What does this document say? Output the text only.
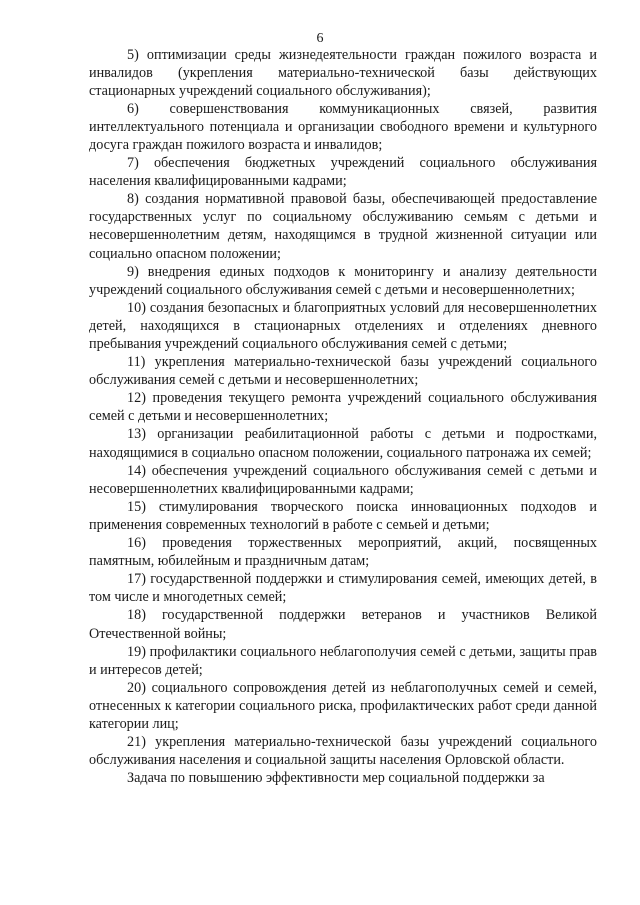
6

5) оптимизации среды жизнедеятельности граждан пожилого возраста и инвалидов (укрепления материально-технической базы действующих стационарных учреждений социального обслуживания);

6) совершенствования коммуникационных связей, развития интеллектуального потенциала и организации свободного времени и культурного досуга граждан пожилого возраста и инвалидов;

7) обеспечения бюджетных учреждений социального обслуживания населения квалифицированными кадрами;

8) создания нормативной правовой базы, обеспечивающей предоставление государственных услуг по социальному обслуживанию семьям с детьми и несовершеннолетним детям, находящимся в трудной жизненной ситуации или социально опасном положении;

9) внедрения единых подходов к мониторингу и анализу деятельности учреждений социального обслуживания семей с детьми и несовершеннолетних;

10) создания безопасных и благоприятных условий для несовершеннолетних детей, находящихся в стационарных отделениях и отделениях дневного пребывания учреждений социального обслуживания семей с детьми;

11) укрепления материально-технической базы учреждений социального обслуживания семей с детьми и несовершеннолетних;

12) проведения текущего ремонта учреждений социального обслуживания семей с детьми и несовершеннолетних;

13) организации реабилитационной работы с детьми и подростками, находящимися в социально опасном положении, социального патронажа их семей;

14) обеспечения учреждений социального обслуживания семей с детьми и несовершеннолетних квалифицированными кадрами;

15) стимулирования творческого поиска инновационных подходов и применения современных технологий в работе с семьей и детьми;

16) проведения торжественных мероприятий, акций, посвященных памятным, юбилейным и праздничным датам;

17) государственной поддержки и стимулирования семей, имеющих детей, в том числе и многодетных семей;

18) государственной поддержки ветеранов и участников Великой Отечественной войны;

19) профилактики социального неблагополучия семей с детьми, защиты прав и интересов детей;

20) социального сопровождения детей из неблагополучных семей и семей, отнесенных к категории социального риска, профилактических работ среди данной категории лиц;

21) укрепления материально-технической базы учреждений социального обслуживания населения и социальной защиты населения Орловской области.

Задача по повышению эффективности мер социальной поддержки за
